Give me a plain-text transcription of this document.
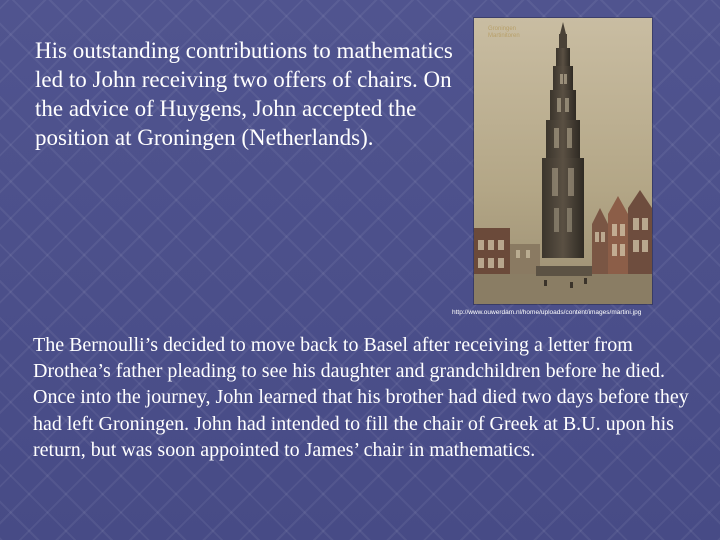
His outstanding contributions to mathematics led to John receiving two offers of chairs. On the advice of Huygens, John accepted the position at Groningen (Netherlands).
Groningen
Martinitoren
http://www.ouwerdam.nl/home/uploads/content/images/martini.jpg
The Bernoulli’s decided to move back to Basel after receiving a letter from Drothea’s father pleading to see his daughter and grandchildren before he died. Once into the journey, John learned that his brother had died two days before they had left Groningen. John had intended to fill the chair of Greek at B.U. upon his return, but was soon appointed to James’ chair in mathematics.
